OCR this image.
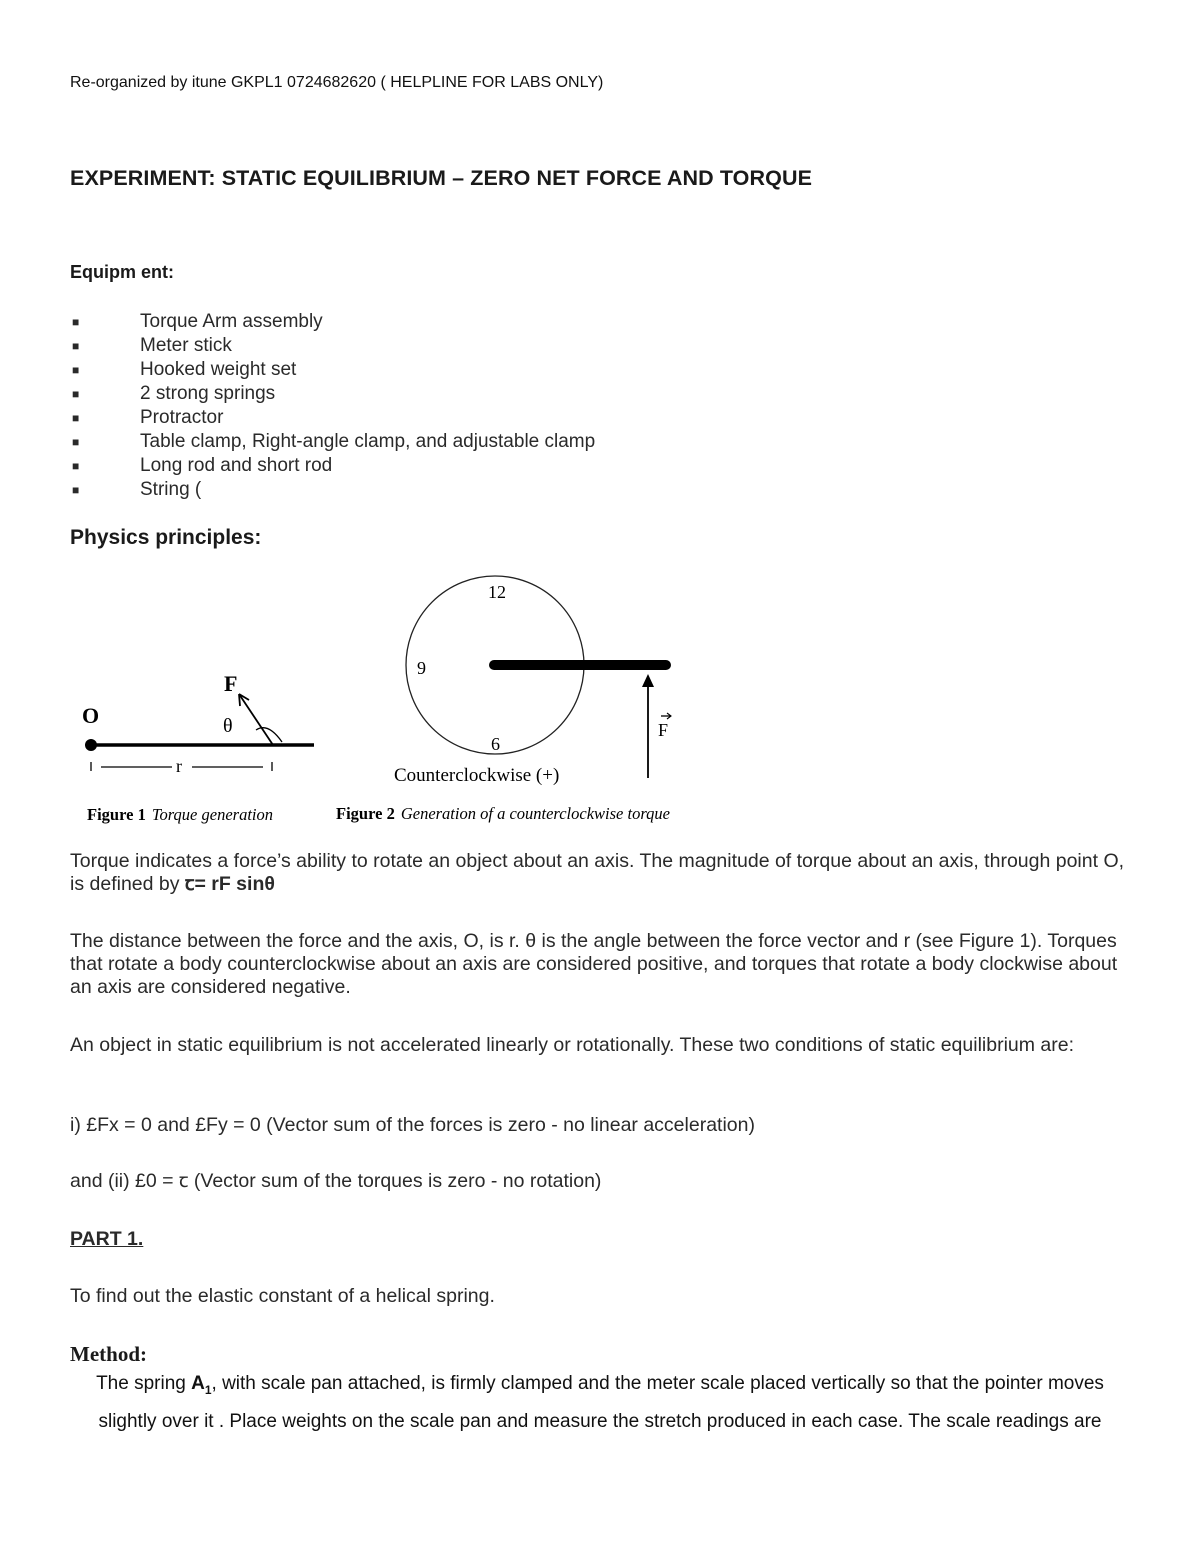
Re-organized by itune GKPL1 0724682620 ( HELPLINE FOR LABS ONLY)

EXPERIMENT: STATIC EQUILIBRIUM – ZERO NET FORCE AND TORQUE
Equipm ent:
■	Torque Arm assembly
■	Meter stick
■	Hooked weight set
■	2 strong springs
■	Protractor
■	Table clamp, Right-angle clamp, and adjustable clamp
■	Long rod and short rod
■	String (
Physics principles:
O
F
θ
r
Figure 1 Torque generation
12
9
6
F
Counterclockwise (+)
Figure 2 Generation of a counterclockwise torque

Torque indicates a force’s ability to rotate an object about an axis. The magnitude of torque about an axis, through point O, is defined by ꞇ= rF sinθ

The distance between the force and the axis, O, is r. θ is the angle between the force vector and r (see Figure 1). Torques that rotate a body counterclockwise about an axis are considered positive, and torques that rotate a body clockwise about an axis are considered negative.

An object in static equilibrium is not accelerated linearly or rotationally. These two conditions of static equilibrium are:

i) £Fx = 0 and £Fy = 0 (Vector sum of the forces is zero - no linear acceleration)

and (ii) £0 = ꞇ (Vector sum of the torques is zero - no rotation)

PART 1.

To find out the elastic constant of a helical spring.

Method:

The spring $A_1$, with scale pan attached, is firmly clamped and the meter scale placed vertically so that the pointer moves slightly over it . Place weights on the scale pan and measure the stretch produced in each case. The scale readings are
